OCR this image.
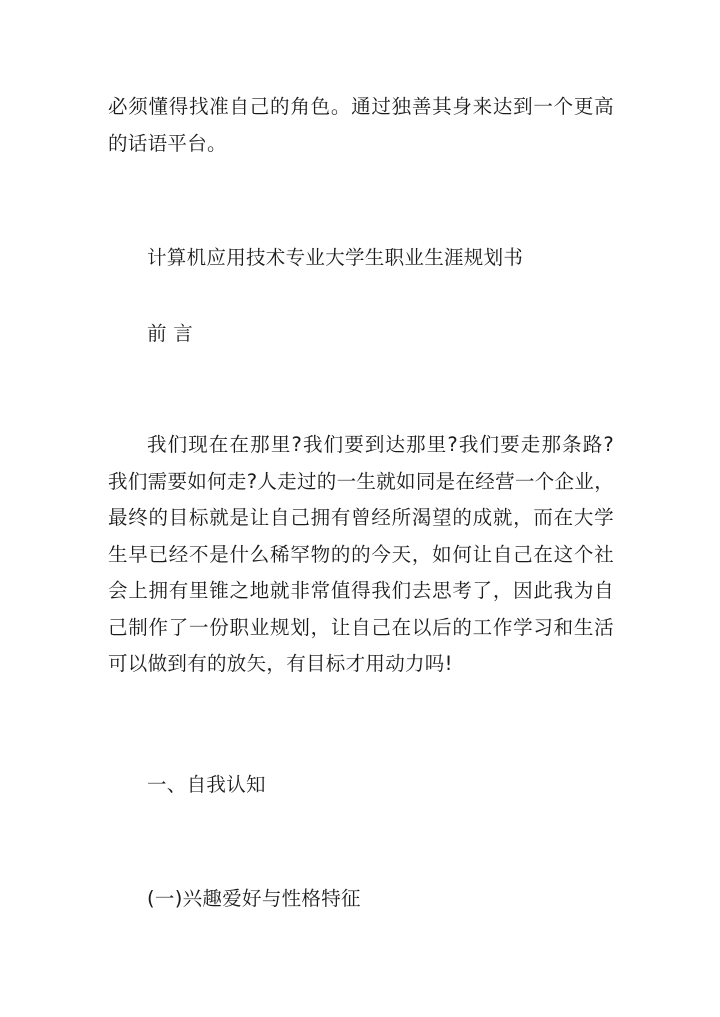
必须懂得找准自己的角色。通过独善其身来达到一个更高的话语平台。

计算机应用技术专业大学生职业生涯规划书

前 言

我们现在在那里?我们要到达那里?我们要走那条路?我们需要如何走?人走过的一生就如同是在经营一个企业，最终的目标就是让自己拥有曾经所渴望的成就，而在大学生早已经不是什么稀罕物的的今天，如何让自己在这个社会上拥有里锥之地就非常值得我们去思考了，因此我为自己制作了一份职业规划，让自己在以后的工作学习和生活可以做到有的放矢，有目标才用动力吗!

一、自我认知

(一)兴趣爱好与性格特征
